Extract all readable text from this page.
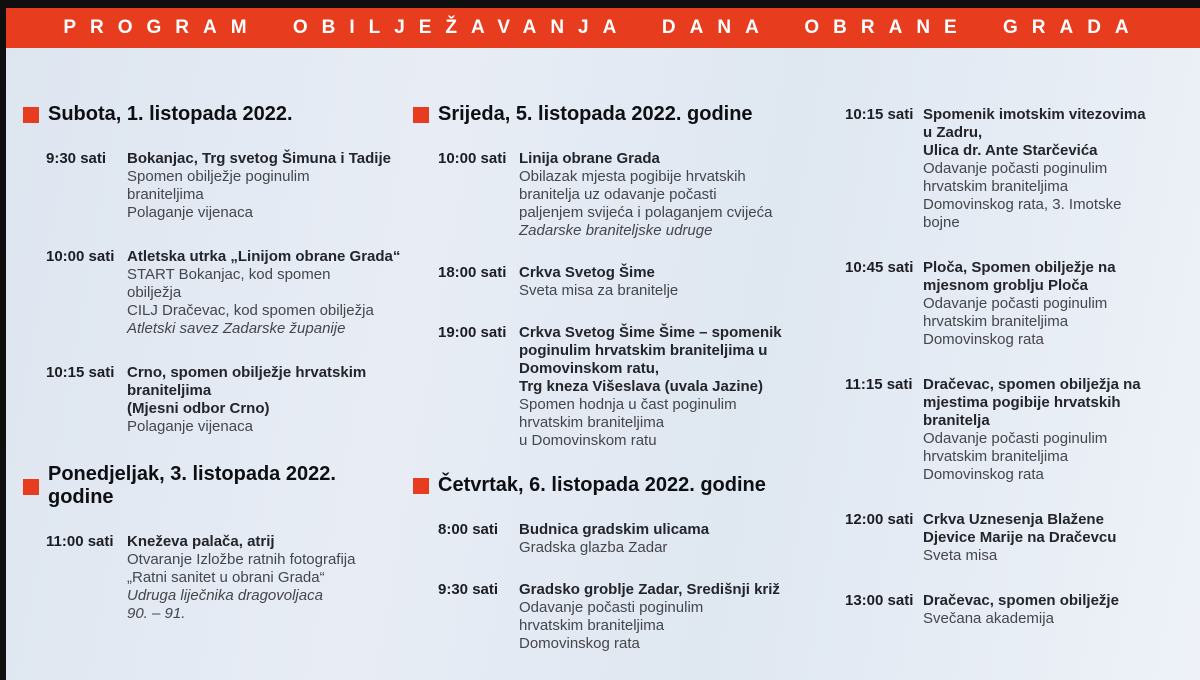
PROGRAM OBILJEŽAVANJA DANA OBRANE GRADA
Subota, 1. listopada 2022.
9:30 sati	Bokanjac, Trg svetog Šimuna i Tadije
Spomen obilježje poginulim
braniteljima
Polaganje vijenaca
10:00 sati Atletska utrka „Linijom obrane Grada“
START Bokanjac, kod spomen
obilježja
CILJ Dračevac, kod spomen obilježja
Atletski savez Zadarske županije
10:15 sati Crno, spomen obilježje hrvatskim
braniteljima
(Mjesni odbor Crno)
Polaganje vijenaca
Ponedjeljak, 3. listopada 2022. godine
11:00 sati Kneževa palača, atrij
Otvaranje Izložbe ratnih fotografija
„Ratni sanitet u obrani Grada“
Udruga liječnika dragovoljaca
90. – 91.
Srijeda, 5. listopada 2022. godine
10:00 sati Linija obrane Grada
Obilazak mjesta pogibije hrvatskih
branitelja uz odavanje počasti
paljenjem svijeća i polaganjem cvijeća
Zadarske braniteljske udruge
18:00 sati Crkva Svetog Šime
Sveta misa za branitelje
19:00 sati Crkva Svetog Šime Šime – spomenik
poginulim hrvatskim braniteljima u
Domovinskom ratu,
Trg kneza Višeslava (uvala Jazine)
Spomen hodnja u čast poginulim
hrvatskim braniteljima
u Domovinskom ratu
Četvrtak, 6. listopada 2022. godine
8:00 sati	Budnica gradskim ulicama
Gradska glazba Zadar
9:30 sati	Gradsko groblje Zadar, Središnji križ
Odavanje počasti poginulim
hrvatskim braniteljima
Domovinskog rata
10:15 sati Spomenik imotskim vitezovima
u Zadru,
Ulica dr. Ante Starčevića
Odavanje počasti poginulim
hrvatskim braniteljima
Domovinskog rata, 3. Imotske
bojne
10:45 sati Ploča, Spomen obilježje na
mjesnom groblju Ploča
Odavanje počasti poginulim
hrvatskim braniteljima
Domovinskog rata
11:15 sati Dračevac, spomen obilježja na
mjestima pogibije hrvatskih
branitelja
Odavanje počasti poginulim
hrvatskim braniteljima
Domovinskog rata
12:00 sati Crkva Uznesenja Blažene
Djevice Marije na Dračevcu
Sveta misa
13:00 sati Dračevac, spomen obilježje
Svečana akademija
